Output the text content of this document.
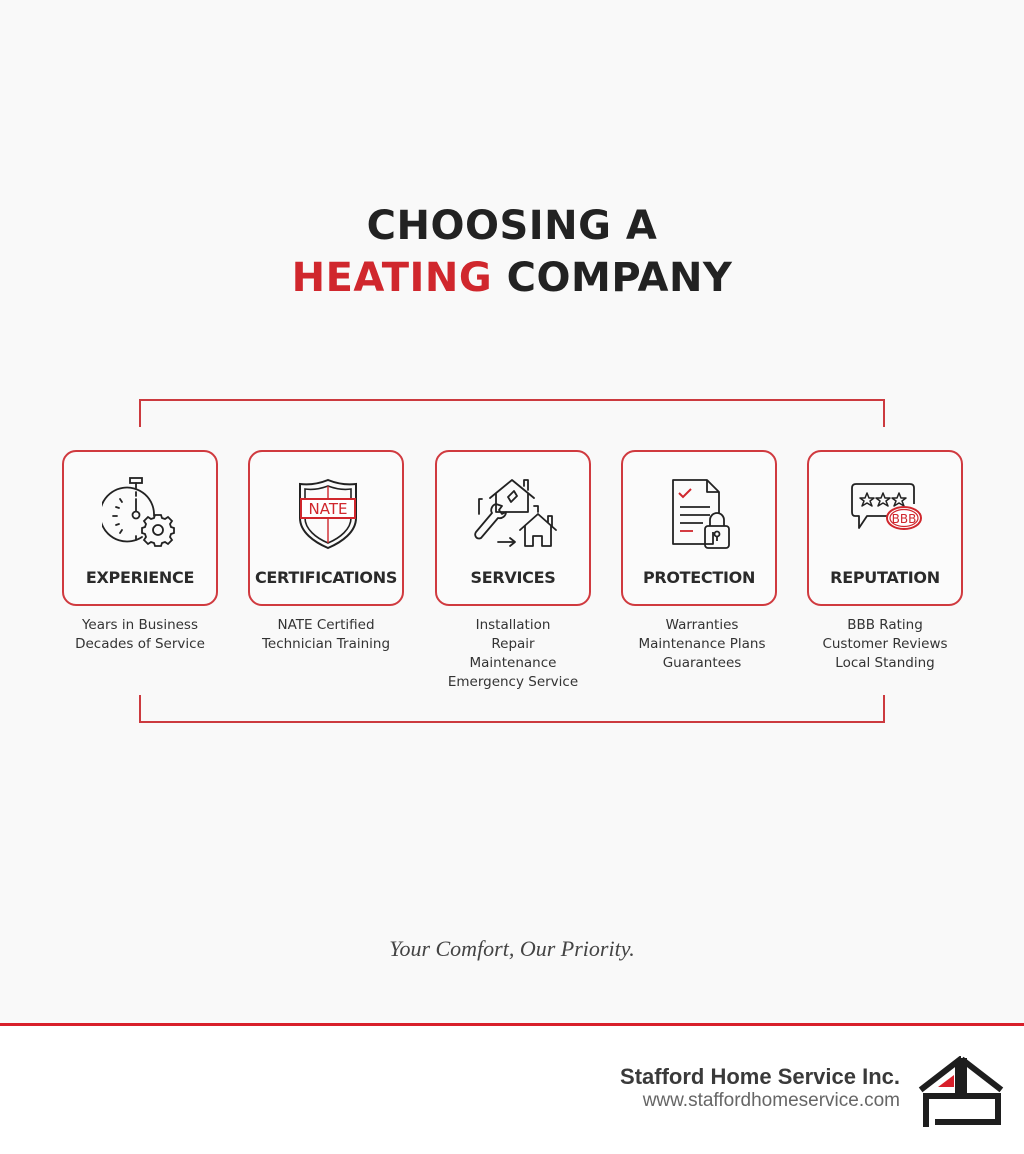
CHOOSING A
HEATING COMPANY
EXPERIENCE
NATE
CERTIFICATIONS	SERVICES	PROTECTION
BBB
REPUTATION
Years in Business
Decades of Service
NATE Certified
Technician Training
Installation
Repair
Maintenance
Emergency Service
Warranties
Maintenance Plans
Guarantees
BBB Rating
Customer Reviews
Local Standing
Your Comfort, Our Priority.
Stafford Home Service Inc.
www.staffordhomeservice.com
